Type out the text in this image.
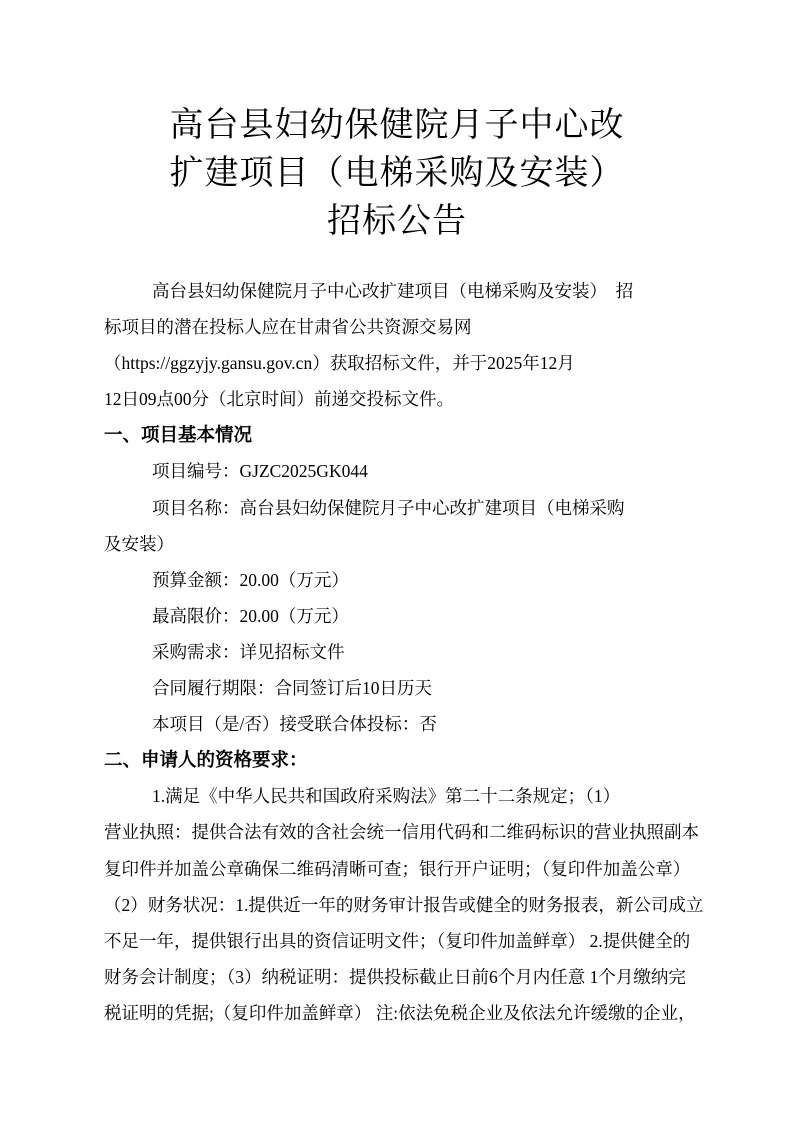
高台县妇幼保健院月子中心改
扩建项目（电梯采购及安装）
招标公告
高台县妇幼保健院月子中心改扩建项目（电梯采购及安装）　招
标项目的潜在投标人应在甘肃省公共资源交易网
（https://ggzyjy.gansu.gov.cn）获取招标文件，并于2025年12月
12日09点00分（北京时间）前递交投标文件。
一、项目基本情况
项目编号：GJZC2025GK044
项目名称：高台县妇幼保健院月子中心改扩建项目（电梯采购
及安装）
预算金额：20.00（万元）
最高限价：20.00（万元）
采购需求：详见招标文件
合同履行期限：合同签订后10日历天
本项目（是/否）接受联合体投标：否
二、申请人的资格要求：
1.满足《中华人民共和国政府采购法》第二十二条规定；（1）
营业执照：提供合法有效的含社会统一信用代码和二维码标识的营业执照副本
复印件并加盖公章确保二维码清晰可查；银行开户证明；（复印件加盖公章）
（2）财务状况：1.提供近一年的财务审计报告或健全的财务报表，新公司成立
不足一年，提供银行出具的资信证明文件；（复印件加盖鲜章） 2.提供健全的
财务会计制度；（3）纳税证明：提供投标截止日前6个月内任意 1个月缴纳完
税证明的凭据;（复印件加盖鲜章） 注:依法免税企业及依法允许缓缴的企业，
